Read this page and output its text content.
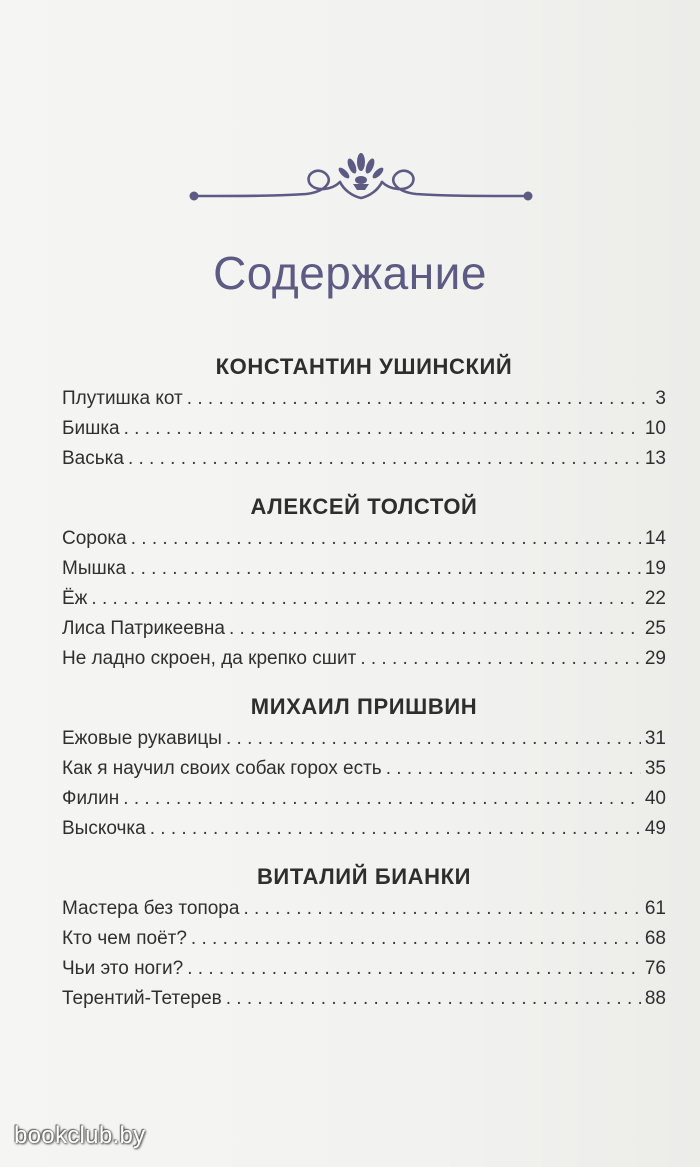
Содержание
КОНСТАНТИН УШИНСКИЙ
Плутишка кот . . .	3
Бишка . . .	10
Васька . . .	13
АЛЕКСЕЙ ТОЛСТОЙ
Сорока . . .	14
Мышка . . .	19
Ёж . . .	22
Лиса Патрикеевна . . .	25
Не ладно скроен, да крепко сшит . . .	29
МИХАИЛ ПРИШВИН
Ежовые рукавицы . . .	31
Как я научил своих собак горох есть . . .	35
Филин . . .	40
Выскочка . . .	49
ВИТАЛИЙ БИАНКИ
Мастера без топора . . .	61
Кто чем поёт? . . .	68
Чьи это ноги? . . .	76
Терентий-Тетерев . . .	88
bookclub.by
